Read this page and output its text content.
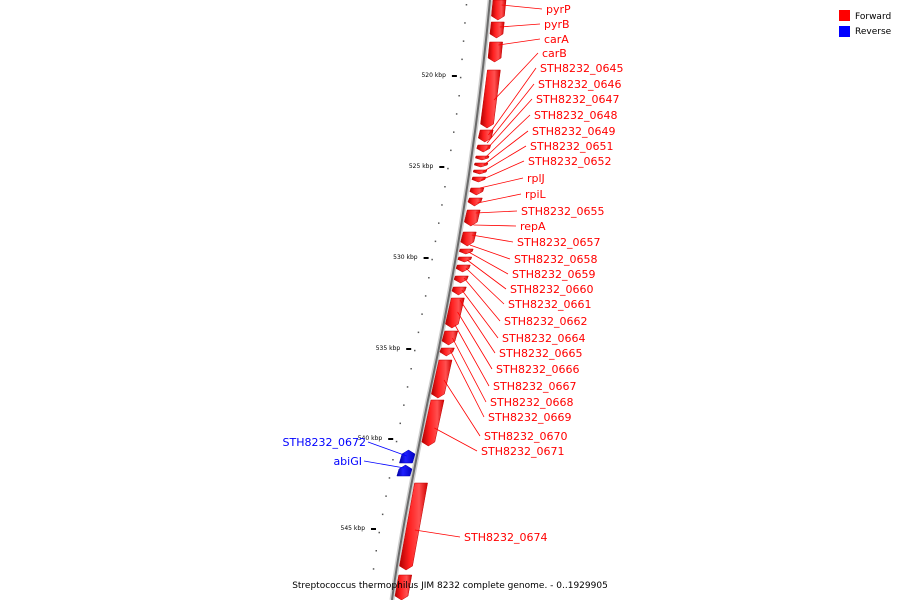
520 kbp
525 kbp
530 kbp
535 kbp
540 kbp
545 kbp
pyrP
pyrB
carA
carB
STH8232_0645
STH8232_0646
STH8232_0647
STH8232_0648
STH8232_0649
STH8232_0651
STH8232_0652
rplJ
rpiL
STH8232_0655
repA
STH8232_0657
STH8232_0658
STH8232_0659
STH8232_0660
STH8232_0661
STH8232_0662
STH8232_0664
STH8232_0665
STH8232_0666
STH8232_0667
STH8232_0668
STH8232_0669
STH8232_0670
STH8232_0671
STH8232_0672
abiGI
STH8232_0674
Forward
Reverse
Streptococcus thermophilus JIM 8232 complete genome. - 0..1929905
